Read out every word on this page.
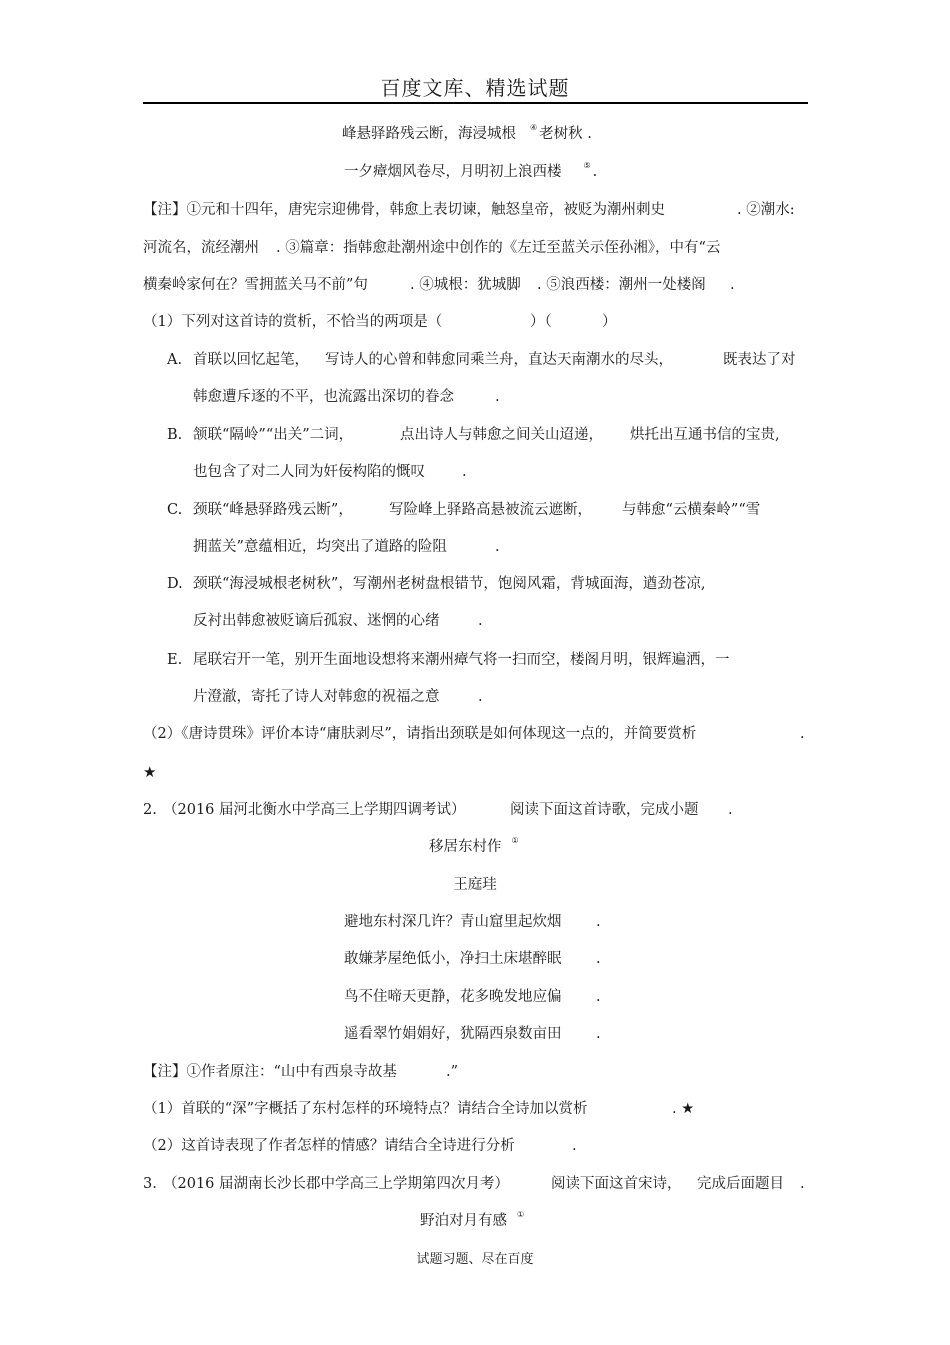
百度文库、精选试题
峰悬驿路残云断，海浸城根 ④ 老树秋 .
一夕瘴烟风卷尽，月明初上浪西楼	⑤ .
【注】①元和十四年，唐宪宗迎佛骨，韩愈上表切谏，触怒皇帝，被贬为潮州刺史	. ②潮水:
河流名，流经潮州 . ③篇章：指韩愈赴潮州途中创作的《左迁至蓝关示侄孙湘》，中有“云
横秦岭家何在？雪拥蓝关马不前”句	. ④城根：犹城脚 . ⑤浪西楼：潮州一处楼阁 .
（1）下列对这首诗的赏析，不恰当的两项是（	）（	）
A. 首联以回忆起笔， 写诗人的心曾和韩愈同乘兰舟，直达天南潮水的尽头，	既表达了对
韩愈遭斥逐的不平，也流露出深切的眷念	.
B. 颔联“隔岭”“出关”二词，	点出诗人与韩愈之间关山迢递， 烘托出互通书信的宝贵,
也包含了对二人同为奸佞构陷的慨叹	.
C. 颈联“峰悬驿路残云断”， 写险峰上驿路高悬被流云遮断， 与韩愈“云横秦岭”“雪
拥蓝关”意蕴相近，均突出了道路的险阻	.
D. 颈联“海浸城根老树秋”，写潮州老树盘根错节，饱阅风霜，背城面海，遒劲苍凉,
反衬出韩愈被贬谪后孤寂、迷惘的心绪	.
E. 尾联宕开一笔，别开生面地设想将来潮州瘴气将一扫而空，楼阁月明，银辉遍洒，一
片澄澈，寄托了诗人对韩愈的祝福之意	.
（2）《唐诗贯珠》评价本诗“庸肤剥尽”，请指出颈联是如何体现这一点的，并简要赏析	.
★
2. （2016 届河北衡水中学高三上学期四调考试）	阅读下面这首诗歌，完成小题 .
移居东村作 ①
王庭珪
避地东村深几许？青山窟里起炊烟 .
敢嫌茅屋绝低小，净扫土床堪醉眠 .
鸟不住啼天更静，花多晚发地应偏 .
遥看翠竹娟娟好，犹隔西泉数亩田 .
【注】①作者原注：“山中有西泉寺故基	.”
（1）首联的“深”字概括了东村怎样的环境特点？请结合全诗加以赏析	. ★
（2）这首诗表现了作者怎样的情感？请结合全诗进行分析	.
3. （2016 届湖南长沙长郡中学高三上学期第四次月考）	阅读下面这首宋诗， 完成后面题目 .
野泊对月有感 ①
试题习题、尽在百度
